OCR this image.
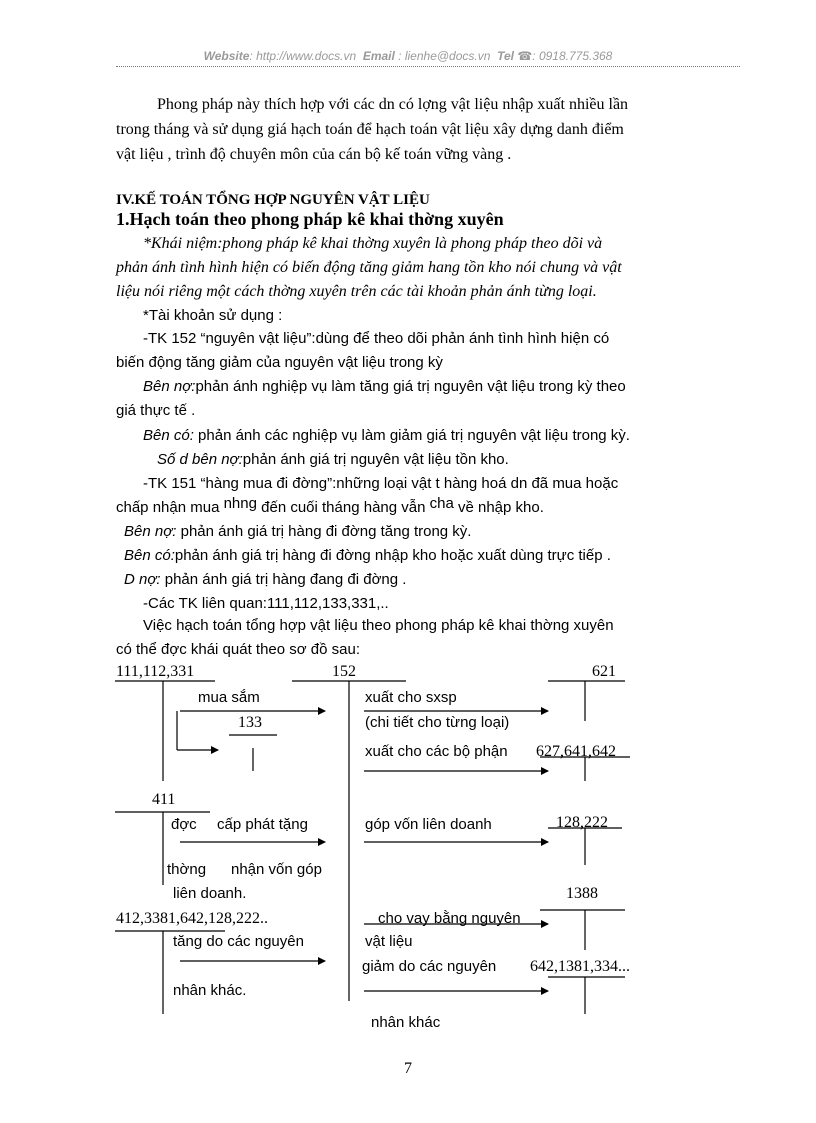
Website: http://www.docs.vn Email : lienhe@docs.vn Tel ☎: 0918.775.368
Phong pháp này thích hợp với các dn có lợng vật liệu nhập xuất nhiều lần
trong tháng và sử dụng giá hạch toán để hạch toán vật liệu xây dựng danh điểm
vật liệu , trình độ chuyên môn của cán bộ kế toán vững vàng .
IV.KẾ TOÁN TỔNG HỢP NGUYÊN VẬT LIỆU
1.Hạch toán theo phong pháp kê khai thờng xuyên
*Khái niệm:phong pháp kê khai thờng xuyên là phong pháp theo dõi và
phản ánh tình hình hiện có biến động tăng giảm hang tồn kho nói chung và vật
liệu nói riêng một cách thờng xuyên trên các tài khoản phản ánh từng loại.
*Tài khoản sử dụng :
-TK 152 “nguyên vật liệu”:dùng để theo dõi phản ánh tình hình hiện có
biến động tăng giảm của nguyên vật liệu trong kỳ
Bên nợ:phản ánh nghiệp vụ làm tăng giá trị nguyên vật liệu trong kỳ theo
giá thực tế .
Bên có: phản ánh các nghiệp vụ làm giảm giá trị nguyên vật liệu trong kỳ.
Số d bên nợ:phản ánh giá trị nguyên vật liệu tồn kho.
-TK 151 “hàng mua đi đờng”:những loại vật t hàng hoá dn đã mua hoặc
chấp nhận mua nhng đến cuối tháng hàng vẫn cha về nhập kho.
Bên nợ: phản ánh giá trị hàng đi đờng tăng trong kỳ.
Bên có:phản ánh giá trị hàng đi đờng nhập kho hoặc xuất dùng trực tiếp .
D nợ: phản ánh giá trị hàng đang đi đờng .
-Các TK liên quan:111,112,133,331,..
Việc hạch toán tổng hợp vật liệu theo phong pháp kê khai thờng xuyên
có thể đợc khái quát theo sơ đồ sau:
111,112,331	152	621
mua sắm	xuất cho sxsp
133	(chi tiết cho từng loại)
xuất cho các bộ phận 627,641,642
411
đợc cấp phát tặng	góp vốn liên doanh	128,222
thờng nhận vốn góp
liên doanh.	1388
412,3381,642,128,222..	cho vay bằng nguyên
tăng do các nguyên	vật liệu
giảm do các nguyên 642,1381,334...
nhân khác.
nhân khác
7
